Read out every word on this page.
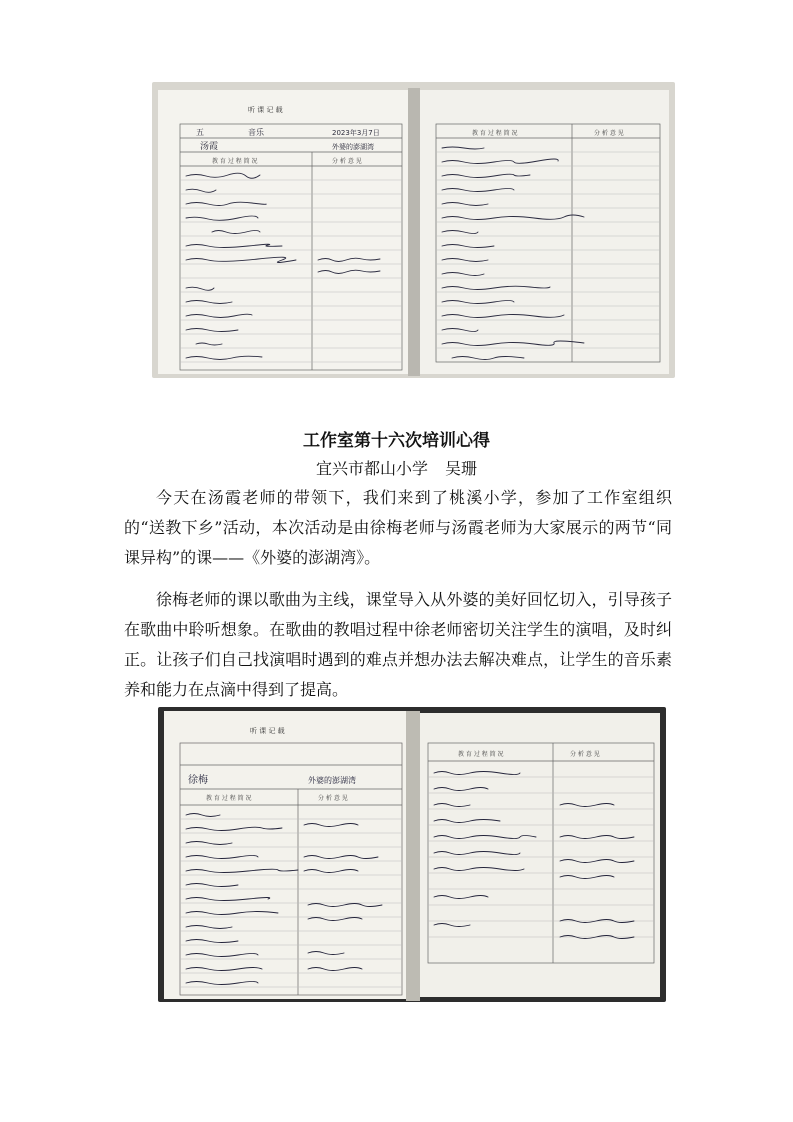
听 课 记 载
教 育 过 程 简 况	分 析 意 见
教 育 过 程 简 况	分 析 意 见
五	音乐	2023年3月7日
汤霞	外婆的澎湖湾
工作室第十六次培训心得
宜兴市都山小学 吴珊

今天在汤霞老师的带领下，我们来到了桃溪小学，参加了工作室组织的“送教下乡”活动，本次活动是由徐梅老师与汤霞老师为大家展示的两节“同课异构”的课——《外婆的澎湖湾》。

徐梅老师的课以歌曲为主线，课堂导入从外婆的美好回忆切入，引导孩子在歌曲中聆听想象。在歌曲的教唱过程中徐老师密切关注学生的演唱，及时纠正。让孩子们自己找演唱时遇到的难点并想办法去解决难点，让学生的音乐素养和能力在点滴中得到了提高。

听 课 记 载
教 育 过 程 简 况	分 析 意 见
教 育 过 程 简 况	分 析 意 见
徐梅	外婆的澎湖湾
